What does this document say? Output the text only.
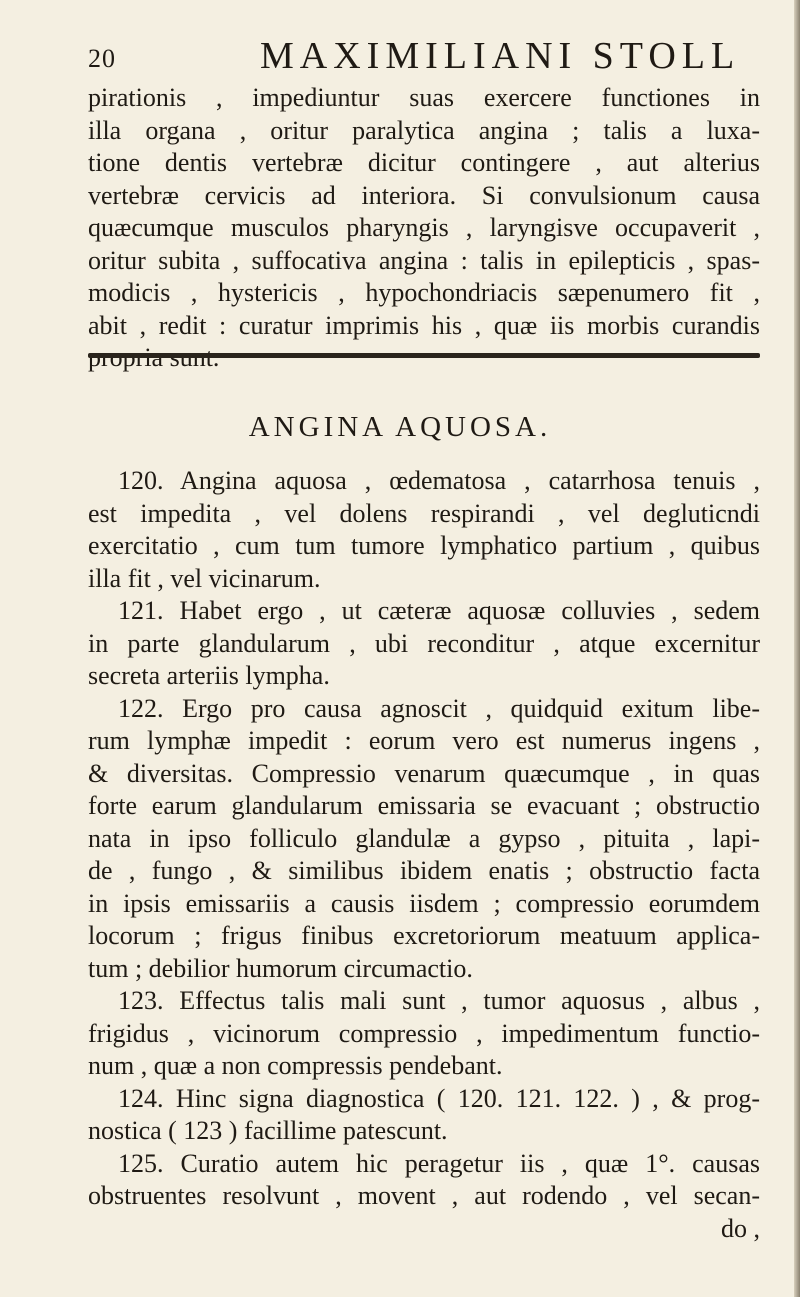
20	MAXIMILIANI STOLL
pirationis , impediuntur suas exercere functiones in
illa organa , oritur paralytica angina ; talis a luxa-
tione dentis vertebræ dicitur contingere , aut alterius
vertebræ cervicis ad interiora. Si convulsionum causa
quæcumque musculos pharyngis , laryngisve occupaverit ,
oritur subita , suffocativa angina : talis in epilepticis , spas-
modicis , hystericis , hypochondriacis sæpenumero fit ,
abit , redit : curatur imprimis his , quæ iis morbis curandis
ANGINA AQUOSA.
120. Angina aquosa , œdematosa , catarrhosa tenuis ,
est impedita , vel dolens respirandi , vel degluticndi
exercitatio , cum tum tumore lymphatico partium , quibus
illa fit , vel vicinarum.
121. Habet ergo , ut cæteræ aquosæ colluvies , sedem
in parte glandularum , ubi reconditur , atque excernitur
secreta arteriis lympha.
122. Ergo pro causa agnoscit , quidquid exitum libe-
rum lymphæ impedit : eorum vero est numerus ingens ,
& diversitas. Compressio venarum quæcumque , in quas
forte earum glandularum emissaria se evacuant ; obstructio
nata in ipso folliculo glandulæ a gypso , pituita , lapi-
de , fungo , & similibus ibidem enatis ; obstructio facta
in ipsis emissariis a causis iisdem ; compressio eorumdem
locorum ; frigus finibus excretoriorum meatuum applica-
tum ; debilior humorum circumactio.
123. Effectus talis mali sunt , tumor aquosus , albus ,
frigidus , vicinorum compressio , impedimentum functio-
num , quæ a non compressis pendebant.
124. Hinc signa diagnostica ( 120. 121. 122. ) , & prog-
nostica ( 123 ) facillime patescunt.
125. Curatio autem hic peragetur iis , quæ 1°. causas
obstruentes resolvunt , movent , aut rodendo , vel secan-
do ,
